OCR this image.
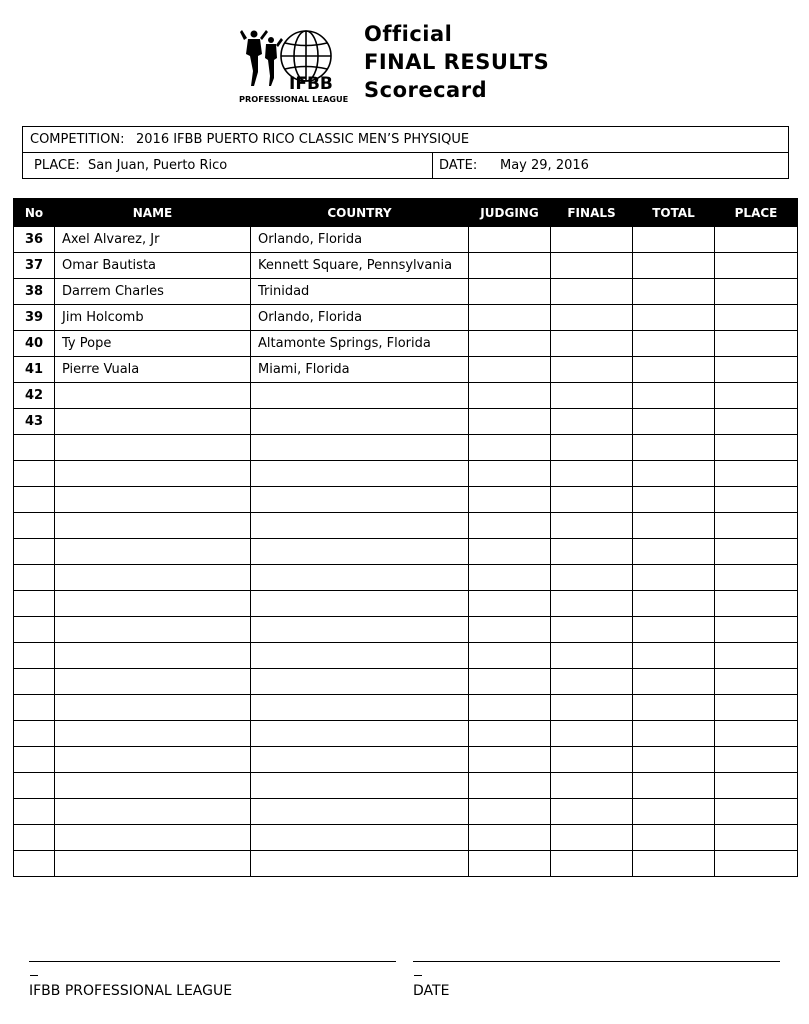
IFBB
PROFESSIONAL LEAGUE
Official
FINAL RESULTS
Scorecard
COMPETITION: 2016 IFBB PUERTO RICO CLASSIC MEN’S PHYSIQUE
PLACE: San Juan, Puerto Rico	DATE: May 29, 2016
No	NAME	COUNTRY	JUDGING	FINALS	TOTAL	PLACE
36	Axel Alvarez, Jr	Orlando, Florida				
37	Omar Bautista	Kennett Square, Pennsylvania				
38	Darrem Charles	Trinidad				
39	Jim Holcomb	Orlando, Florida				
40	Ty Pope	Altamonte Springs, Florida				
41	Pierre Vuala	Miami, Florida				
42						
43						

IFBB PROFESSIONAL LEAGUE	DATE
